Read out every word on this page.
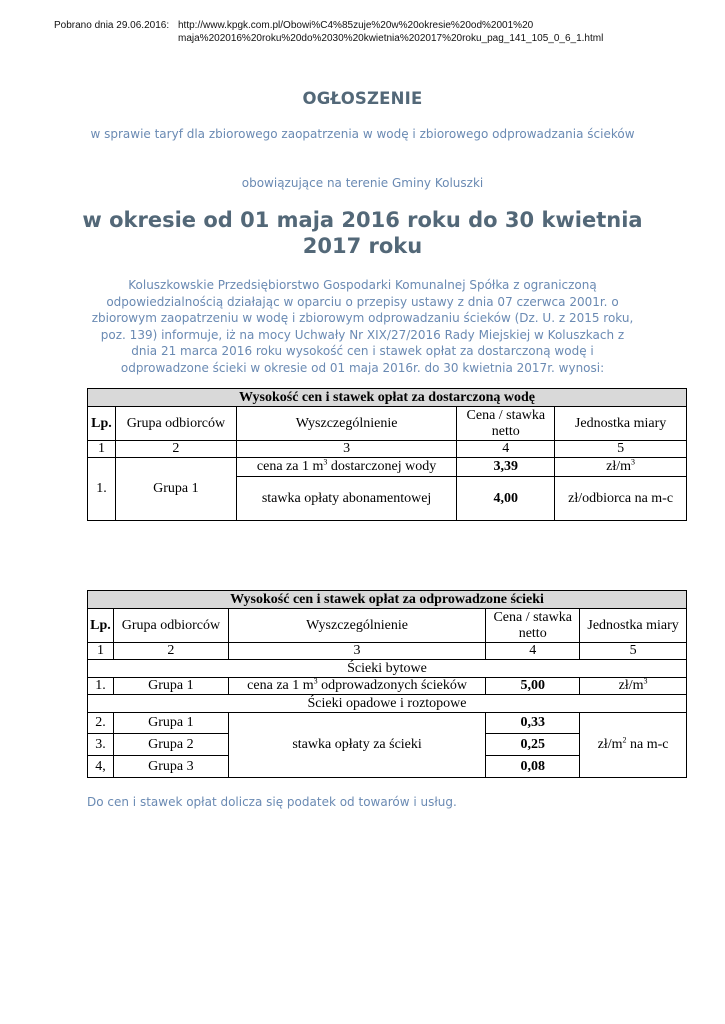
Pobrano dnia 29.06.2016: http://www.kpgk.com.pl/Obowi%C4%85zuje%20w%20okresie%20od%2001%20
maja%202016%20roku%20do%2030%20kwietnia%202017%20roku_pag_141_105_0_6_1.html
OGŁOSZENIE
w sprawie taryf dla zbiorowego zaopatrzenia w wodę i zbiorowego odprowadzania ścieków
obowiązujące na terenie Gminy Koluszki
w okresie od 01 maja 2016 roku do 30 kwietnia 2017 roku
Koluszkowskie Przedsiębiorstwo Gospodarki Komunalnej Spółka z ograniczoną odpowiedzialnością działając w oparciu o przepisy ustawy z dnia 07 czerwca 2001r. o zbiorowym zaopatrzeniu w wodę i zbiorowym odprowadzaniu ścieków (Dz. U. z 2015 roku, poz. 139) informuje, iż na mocy Uchwały Nr XIX/27/2016 Rady Miejskiej w Koluszkach z dnia 21 marca 2016 roku wysokość cen i stawek opłat za dostarczoną wodę i odprowadzone ścieki w okresie od 01 maja 2016r. do 30 kwietnia 2017r. wynosi:
Wysokość cen i stawek opłat za dostarczoną wodę				
Lp.	Grupa odbiorców	Wyszczególnienie	Cena / stawka netto	Jednostka miary
1	2	3	4	5
1.	Grupa 1	cena za 1 $m^3$ dostarczonej wody	3,39	$zł/m^3$
		stawka opłaty abonamentowej	4,00	zł/odbiorca na m-c
Wysokość cen i stawek opłat za odprowadzone ścieki				
Lp.	Grupa odbiorców	Wyszczególnienie	Cena / stawka netto	Jednostka miary
1	2	3	4	5
Ścieki bytowe				
1.	Grupa 1	cena za 1 $m^3$ odprowadzonych ścieków	5,00	$zł/m^3$
Ścieki opadowe i roztopowe				
2.	Grupa 1	stawka opłaty za ścieki	0,33	$zł/m^2$ na m-c
3.	Grupa 2		0,25	
4,	Grupa 3		0,08	
Do cen i stawek opłat dolicza się podatek od towarów i usług.
